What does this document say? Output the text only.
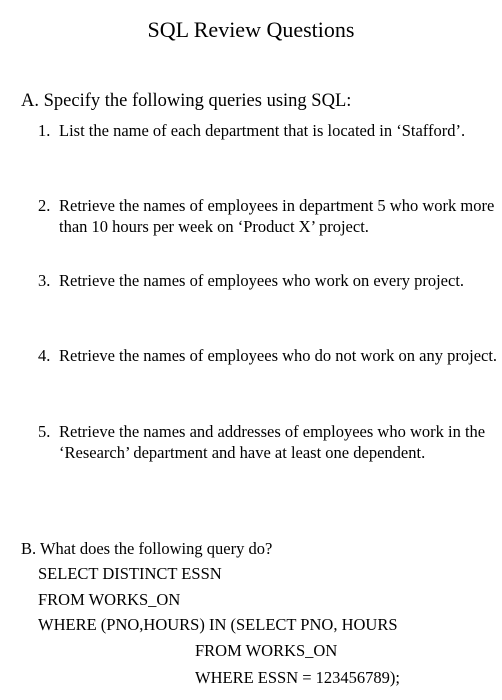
SQL Review Questions
A. Specify the following queries using SQL:
1. List the name of each department that is located in ‘Stafford’.
2. Retrieve the names of employees in department 5 who work more than 10 hours per week on ‘Product X’ project.
3. Retrieve the names of employees who work on every project.
4. Retrieve the names of employees who do not work on any project.
5. Retrieve the names and addresses of employees who work in the ‘Research’ department and have at least one dependent.
B. What does the following query do?
SELECT DISTINCT ESSN
FROM WORKS_ON
WHERE (PNO,HOURS) IN (SELECT PNO, HOURS
FROM WORKS_ON
WHERE ESSN = 123456789);
